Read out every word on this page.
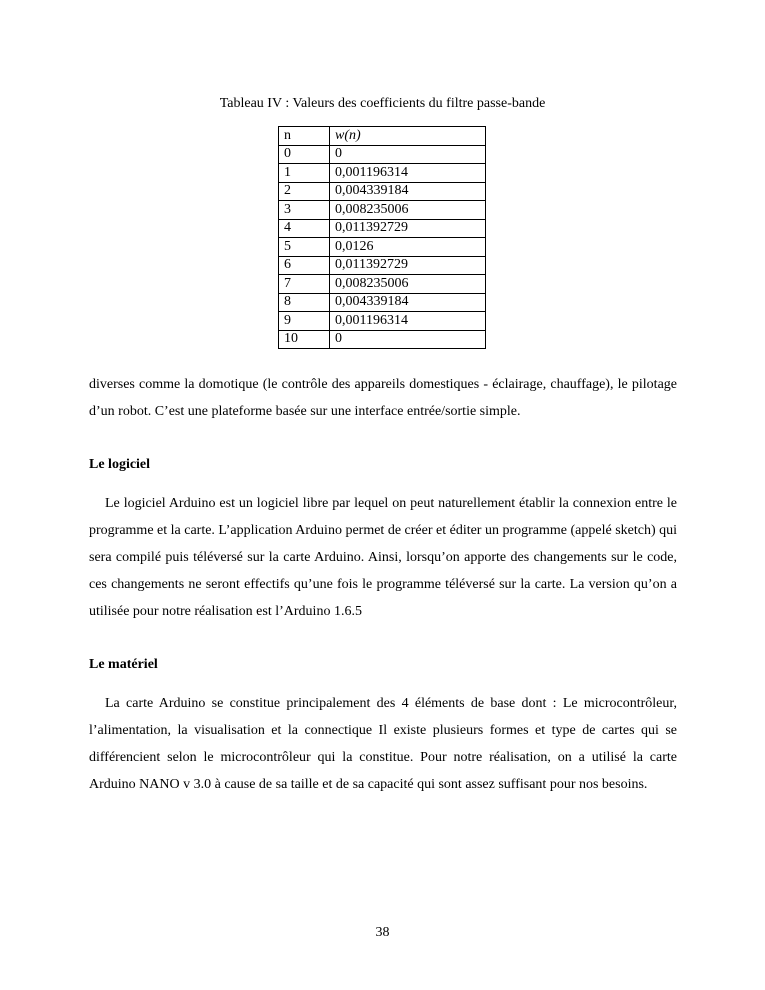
Tableau IV : Valeurs des coefficients du filtre passe-bande
n	w(n)
0	0
1	0,001196314
2	0,004339184
3	0,008235006
4	0,011392729
5	0,0126
6	0,011392729
7	0,008235006
8	0,004339184
9	0,001196314
10	0
diverses comme la domotique (le contrôle des appareils domestiques - éclairage, chauffage), le pilotage d’un robot. C’est une plateforme basée sur une interface entrée/sortie simple.
Le logiciel
Le logiciel Arduino est un logiciel libre par lequel on peut naturellement établir la connexion entre le programme et la carte. L’application Arduino permet de créer et éditer un programme (appelé sketch) qui sera compilé puis téléversé sur la carte Arduino. Ainsi, lorsqu’on apporte des changements sur le code, ces changements ne seront effectifs qu’une fois le programme téléversé sur la carte. La version qu’on a utilisée pour notre réalisation est l’Arduino 1.6.5
Le matériel
La carte Arduino se constitue principalement des 4 éléments de base dont : Le microcontrôleur, l’alimentation, la visualisation et la connectique Il existe plusieurs formes et type de cartes qui se différencient selon le microcontrôleur qui la constitue. Pour notre réalisation, on a utilisé la carte Arduino NANO v 3.0 à cause de sa taille et de sa capacité qui sont assez suffisant pour nos besoins.
38
